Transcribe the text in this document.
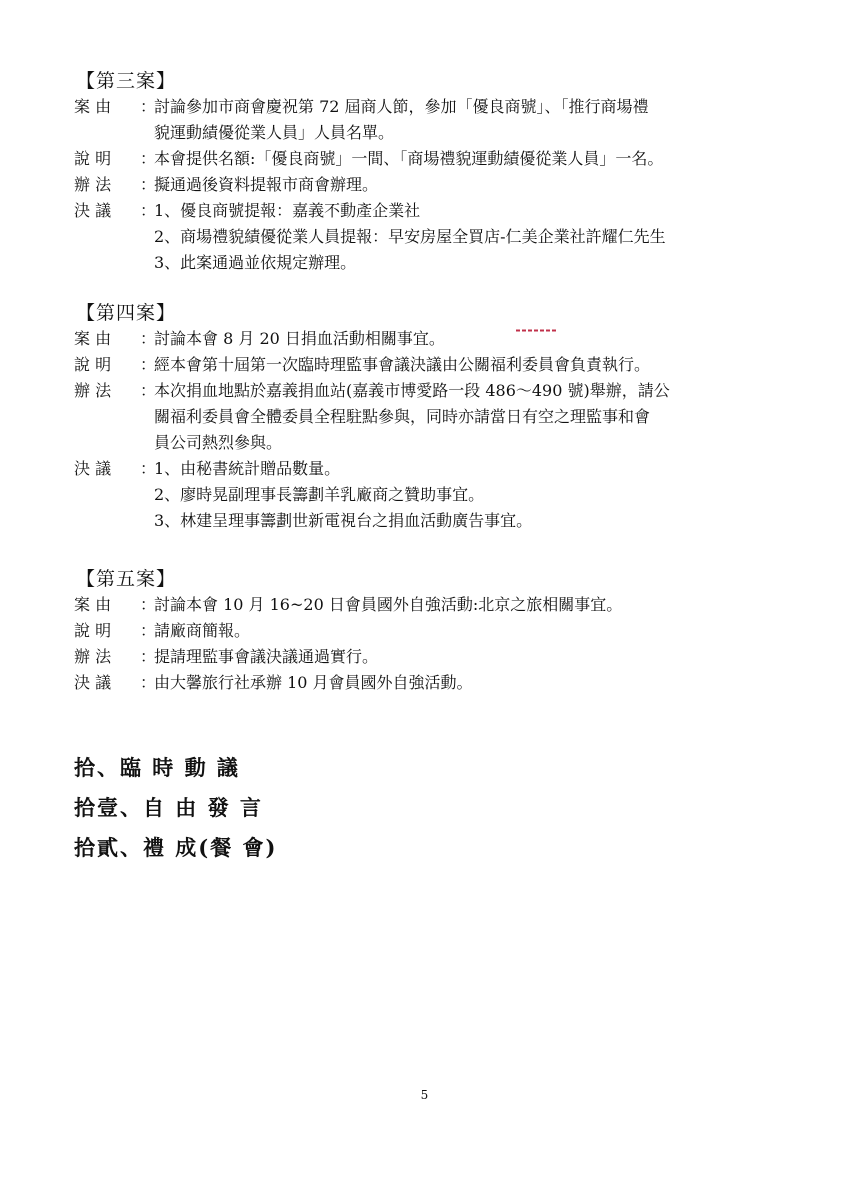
【第三案】
案 由	：
討論參加市商會慶祝第 72 屆商人節，參加「優良商號」、「推行商場禮
貌運動績優從業人員」人員名單。
說 明	：
本會提供名額:「優良商號」一間、「商場禮貌運動績優從業人員」一名。
辦 法	：
擬通過後資料提報市商會辦理。
決 議	：
1、優良商號提報：嘉義不動產企業社
2、商場禮貌績優從業人員提報：早安房屋全買店-仁美企業社許耀仁先生
3、此案通過並依規定辦理。
【第四案】
案 由	：
討論本會 8 月 20 日捐血活動相關事宜。
說 明	：
經本會第十屆第一次臨時理監事會議決議由公關福利委員會負責執行。
辦 法	：
本次捐血地點於嘉義捐血站(嘉義市博愛路一段 486～490 號)舉辦，請公
關福利委員會全體委員全程駐點參與，同時亦請當日有空之理監事和會
員公司熱烈參與。
決 議	：
1、由秘書統計贈品數量。
2、廖時晃副理事長籌劃羊乳廠商之贊助事宜。
3、林建呈理事籌劃世新電視台之捐血活動廣告事宜。
【第五案】
案 由	：
討論本會 10 月 16~20 日會員國外自強活動:北京之旅相關事宜。
說 明	：
請廠商簡報。
辦 法	：
提請理監事會議決議通過實行。
決 議	：
由大馨旅行社承辦 10 月會員國外自強活動。
拾、臨 時 動 議
拾壹、自 由 發 言
拾貳、禮 成(餐 會)
5
